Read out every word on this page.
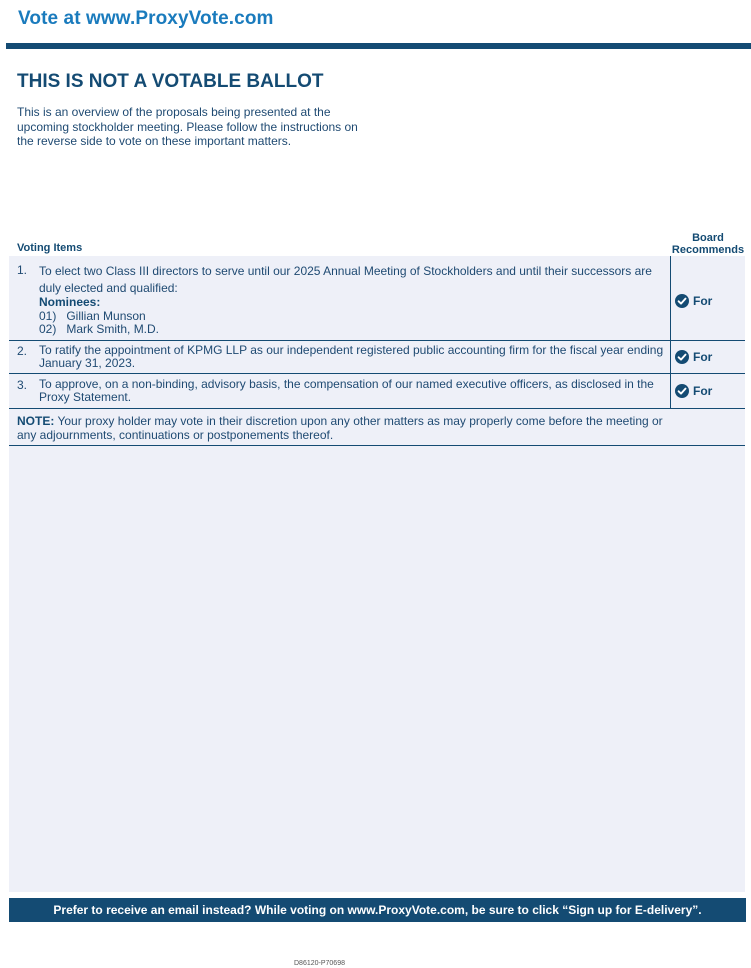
Vote at www.ProxyVote.com
THIS IS NOT A VOTABLE BALLOT

This is an overview of the proposals being presented at the upcoming stockholder meeting. Please follow the instructions on the reverse side to vote on these important matters.

Voting Items
Board Recommends
1. To elect two Class III directors to serve until our 2025 Annual Meeting of Stockholders and until their successors are duly elected and qualified:
Nominees:
01)   Gillian Munson
02)   Mark Smith, M.D.
For
2. To ratify the appointment of KPMG LLP as our independent registered public accounting firm for the fiscal year ending January 31, 2023.	For
3. To approve, on a non-binding, advisory basis, the compensation of our named executive officers, as disclosed in the Proxy Statement.	For

NOTE: Your proxy holder may vote in their discretion upon any other matters as may properly come before the meeting or any adjournments, continuations or postponements thereof.

Prefer to receive an email instead? While voting on www.ProxyVote.com, be sure to click “Sign up for E-delivery”.
D86120-P70698
